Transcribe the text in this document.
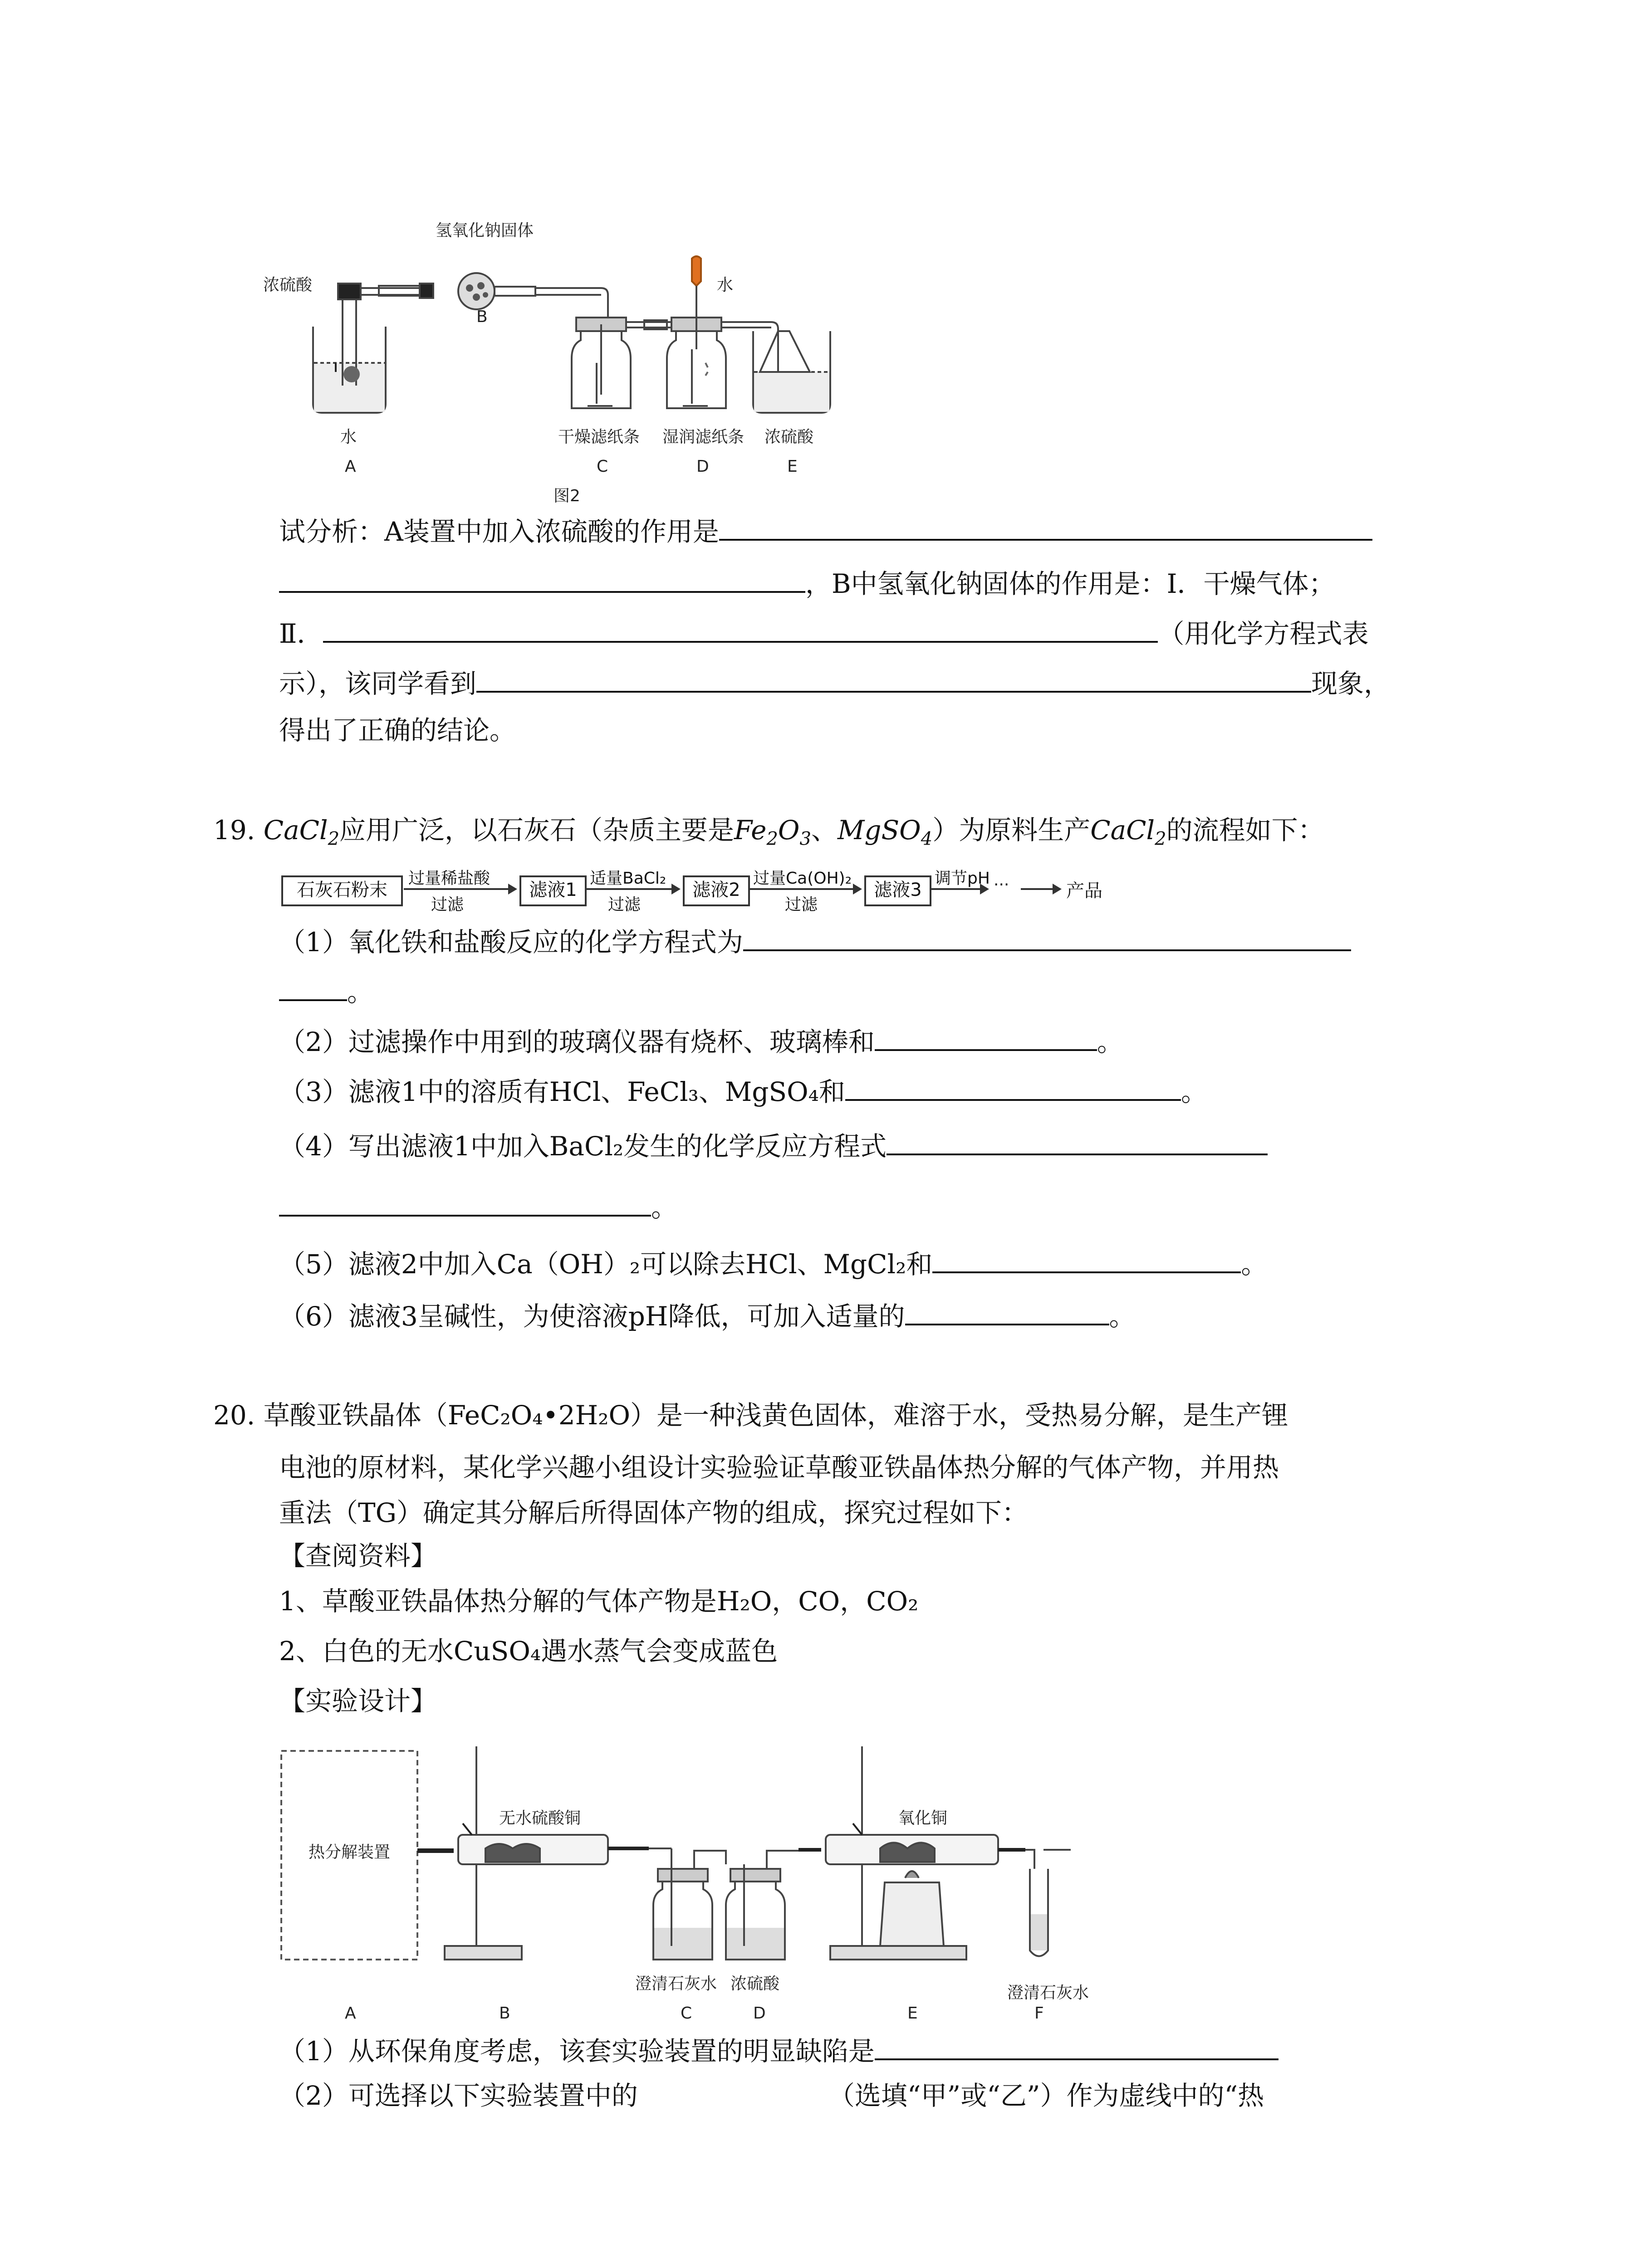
氢氧化钠固体
浓硫酸	水
水	干燥滤纸条 湿润滤纸条 浓硫酸
A
B
C	D	E
图2
试分析：A装置中加入浓硫酸的作用是
，B中氢氧化钠固体的作用是：Ⅰ．干燥气体；
Ⅱ．	（用化学方程式表
示），该同学看到	现象，
得出了正确的结论。
19. CaCl$_2$应用广泛，以石灰石（杂质主要是$Fe_2O_3$、MgSO$_4$）为原料生产CaCl$_2$的流程如下：
石灰石粉末
过量稀盐酸
过滤
滤液1
适量BaCl₂
过滤
滤液2
过量Ca(OH)₂
过滤
滤液3
调节pH ···	产品
（1）氧化铁和盐酸反应的化学方程式为
。
（2）过滤操作中用到的玻璃仪器有烧杯、玻璃棒和	。
（3）滤液1中的溶质有HCl、FeCl₃、MgSO₄和	。
（4）写出滤液1中加入BaCl₂发生的化学反应方程式
。
（5）滤液2中加入Ca（OH）₂可以除去HCl、MgCl₂和	。
（6）滤液3呈碱性，为使溶液pH降低，可加入适量的	。
20. 草酸亚铁晶体（FeC₂O₄•2H₂O）是一种浅黄色固体，难溶于水，受热易分解，是生产锂
电池的原材料，某化学兴趣小组设计实验验证草酸亚铁晶体热分解的气体产物，并用热
重法（TG）确定其分解后所得固体产物的组成，探究过程如下：
【查阅资料】
1、草酸亚铁晶体热分解的气体产物是H₂O，CO，CO₂
2、白色的无水CuSO₄遇水蒸气会变成蓝色
【实验设计】
热分解装置
无水硫酸铜	氧化铜
澄清石灰水 浓硫酸	澄清石灰水
A	B	C	D	E	F
（1）从环保角度考虑，该套实验装置的明显缺陷是
（2）可选择以下实验装置中的	（选填“甲”或“乙”）作为虚线中的“热
